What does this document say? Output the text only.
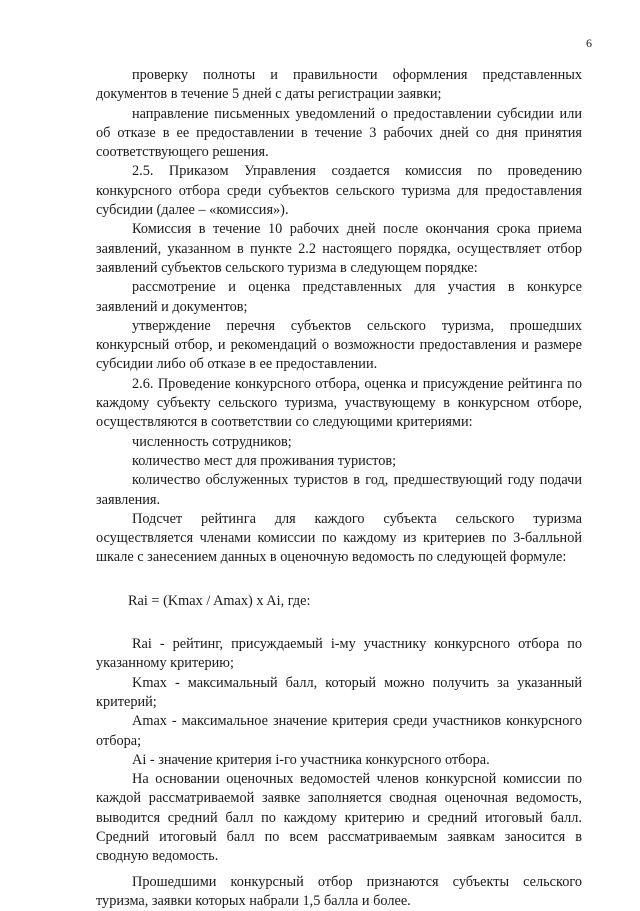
6

проверку полноты и правильности оформления представленных документов в течение 5 дней с даты регистрации заявки;

направление письменных уведомлений о предоставлении субсидии или об отказе в ее предоставлении в течение 3 рабочих дней со дня принятия соответствующего решения.

2.5. Приказом Управления создается комиссия по проведению конкурсного отбора среди субъектов сельского туризма для предоставления субсидии (далее – «комиссия»).

Комиссия в течение 10 рабочих дней после окончания срока приема заявлений, указанном в пункте 2.2 настоящего порядка, осуществляет отбор заявлений субъектов сельского туризма в следующем порядке:

рассмотрение и оценка представленных для участия в конкурсе заявлений и документов;

утверждение перечня субъектов сельского туризма, прошедших конкурсный отбор, и рекомендаций о возможности предоставления и размере субсидии либо об отказе в ее предоставлении.

2.6. Проведение конкурсного отбора, оценка и присуждение рейтинга по каждому субъекту сельского туризма, участвующему в конкурсном отборе, осуществляются в соответствии со следующими критериями:

численность сотрудников;

количество мест для проживания туристов;

количество обслуженных туристов в год, предшествующий году подачи заявления.

Подсчет рейтинга для каждого субъекта сельского туризма осуществляется членами комиссии по каждому из критериев по 3-балльной шкале с занесением данных в оценочную ведомость по следующей формуле:

Rai = (Kmax / Amax) x Ai, где:

Rai - рейтинг, присуждаемый i-му участнику конкурсного отбора по указанному критерию;

Kmax - максимальный балл, который можно получить за указанный критерий;

Amax - максимальное значение критерия среди участников конкурсного отбора;

Ai - значение критерия i-го участника конкурсного отбора.

На основании оценочных ведомостей членов конкурсной комиссии по каждой рассматриваемой заявке заполняется сводная оценочная ведомость, выводится средний балл по каждому критерию и средний итоговый балл. Средний итоговый балл по всем рассматриваемым заявкам заносится в сводную ведомость.

Прошедшими конкурсный отбор признаются субъекты сельского туризма, заявки которых набрали 1,5 балла и более.
